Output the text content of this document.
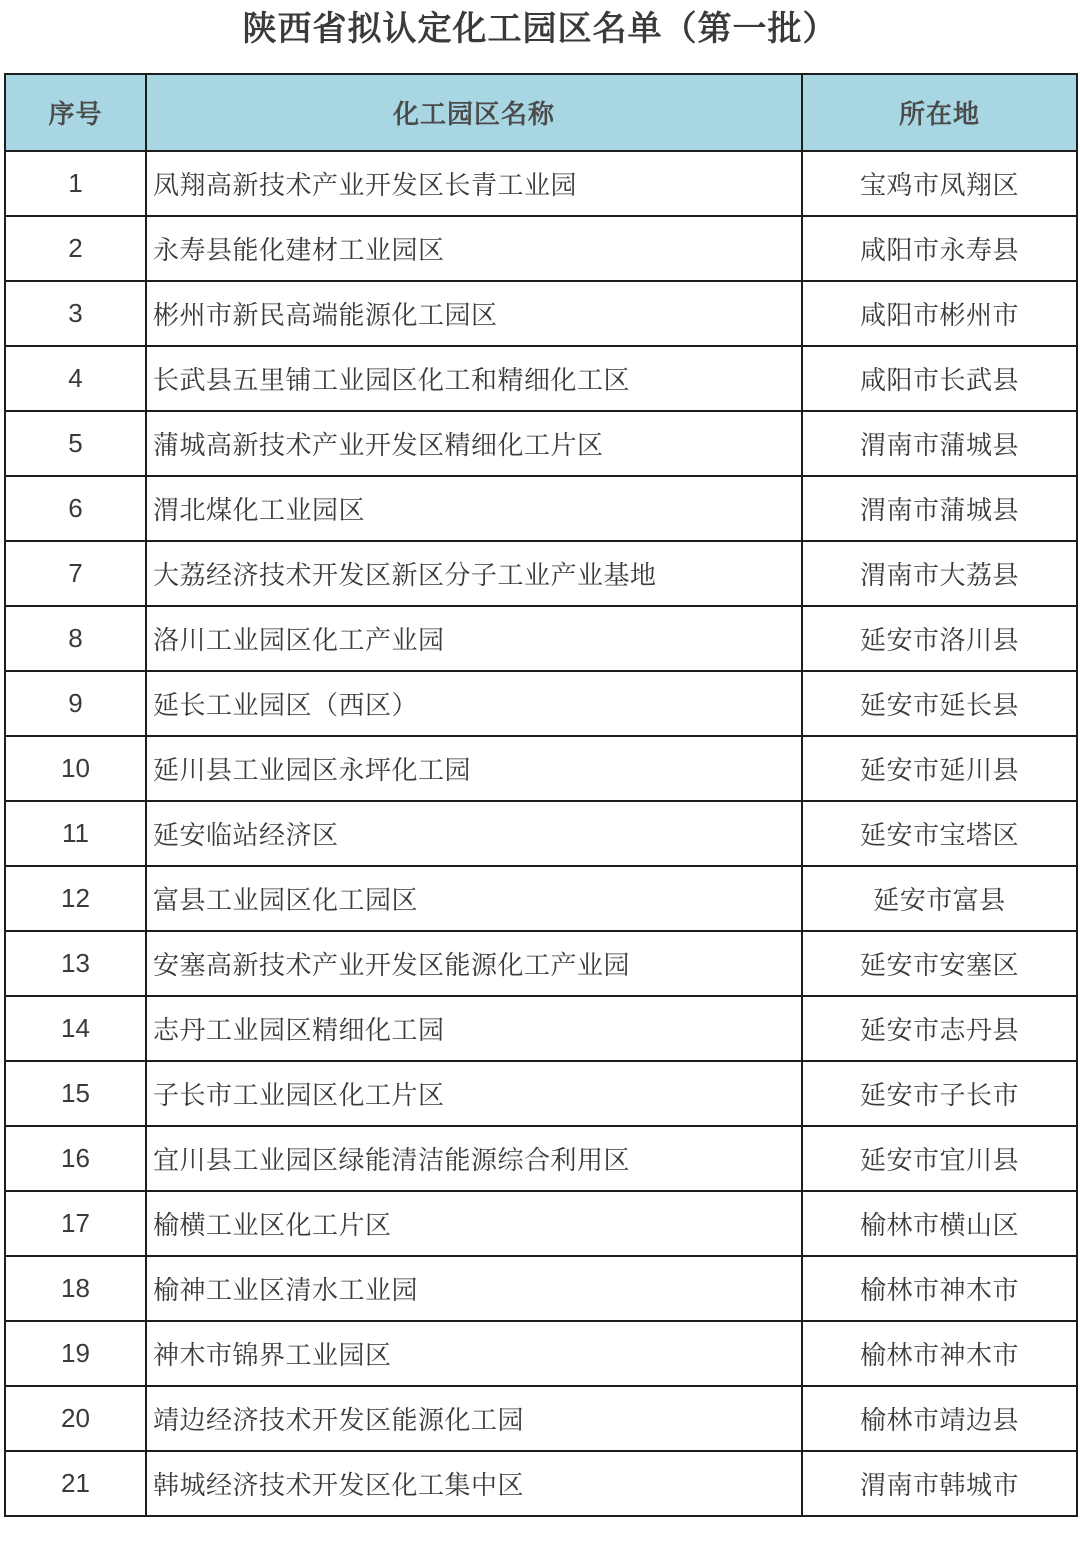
陕西省拟认定化工园区名单（第一批）
序号	化工园区名称	所在地
1	凤翔高新技术产业开发区长青工业园	宝鸡市凤翔区
2	永寿县能化建材工业园区	咸阳市永寿县
3	彬州市新民高端能源化工园区	咸阳市彬州市
4	长武县五里铺工业园区化工和精细化工区	咸阳市长武县
5	蒲城高新技术产业开发区精细化工片区	渭南市蒲城县
6	渭北煤化工业园区	渭南市蒲城县
7	大荔经济技术开发区新区分子工业产业基地	渭南市大荔县
8	洛川工业园区化工产业园	延安市洛川县
9	延长工业园区（西区）	延安市延长县
10	延川县工业园区永坪化工园	延安市延川县
11	延安临站经济区	延安市宝塔区
12	富县工业园区化工园区	延安市富县
13	安塞高新技术产业开发区能源化工产业园	延安市安塞区
14	志丹工业园区精细化工园	延安市志丹县
15	子长市工业园区化工片区	延安市子长市
16	宜川县工业园区绿能清洁能源综合利用区	延安市宜川县
17	榆横工业区化工片区	榆林市横山区
18	榆神工业区清水工业园	榆林市神木市
19	神木市锦界工业园区	榆林市神木市
20	靖边经济技术开发区能源化工园	榆林市靖边县
21	韩城经济技术开发区化工集中区	渭南市韩城市
